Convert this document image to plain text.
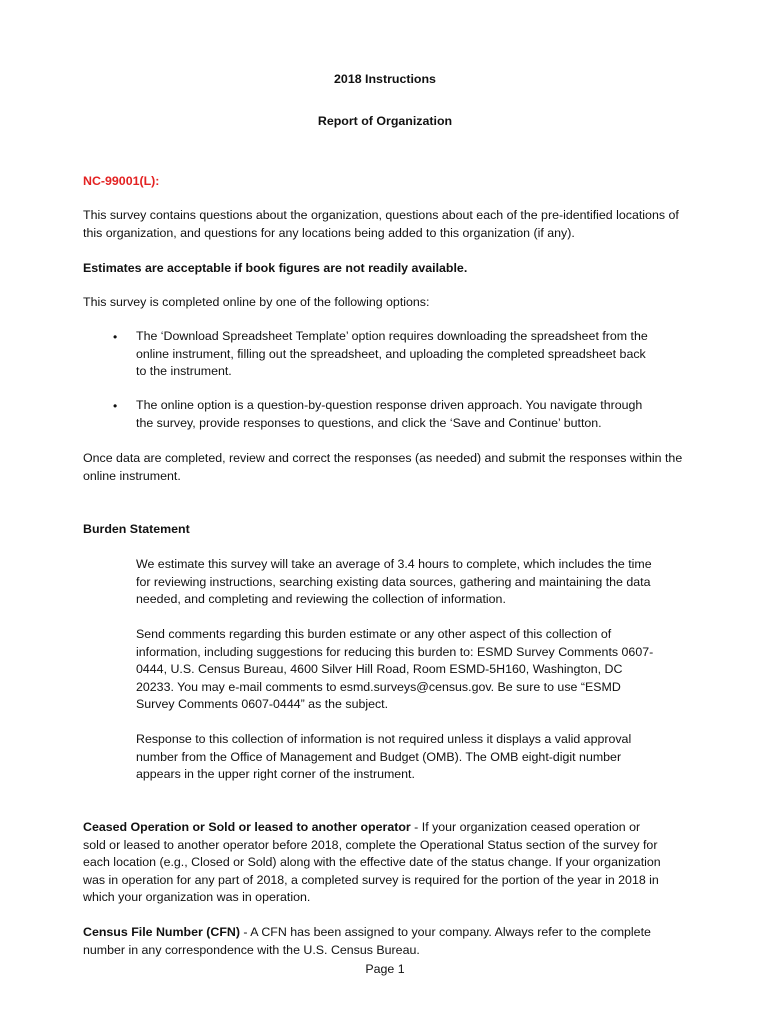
2018 Instructions
Report of Organization
NC-99001(L):
This survey contains questions about the organization, questions about each of the pre-identified locations of this organization, and questions for any locations being added to this organization (if any).
Estimates are acceptable if book figures are not readily available.
This survey is completed online by one of the following options:
•	The ‘Download Spreadsheet Template’ option requires downloading the spreadsheet from the online instrument, filling out the spreadsheet, and uploading the completed spreadsheet back to the instrument.
•	The online option is a question-by-question response driven approach. You navigate through the survey, provide responses to questions, and click the ‘Save and Continue’ button.
Once data are completed, review and correct the responses (as needed) and submit the responses within the online instrument.
Burden Statement
We estimate this survey will take an average of 3.4 hours to complete, which includes the time for reviewing instructions, searching existing data sources, gathering and maintaining the data needed, and completing and reviewing the collection of information.
Send comments regarding this burden estimate or any other aspect of this collection of information, including suggestions for reducing this burden to: ESMD Survey Comments 0607- 0444, U.S. Census Bureau, 4600 Silver Hill Road, Room ESMD-5H160, Washington, DC 20233. You may e-mail comments to esmd.surveys@census.gov. Be sure to use “ESMD Survey Comments 0607-0444” as the subject.
Response to this collection of information is not required unless it displays a valid approval number from the Office of Management and Budget (OMB). The OMB eight-digit number appears in the upper right corner of the instrument.
Ceased Operation or Sold or leased to another operator - If your organization ceased operation or sold or leased to another operator before 2018, complete the Operational Status section of the survey for each location (e.g., Closed or Sold) along with the effective date of the status change. If your organization was in operation for any part of 2018, a completed survey is required for the portion of the year in 2018 in which your organization was in operation.
Census File Number (CFN) - A CFN has been assigned to your company. Always refer to the complete number in any correspondence with the U.S. Census Bureau.
Page 1
